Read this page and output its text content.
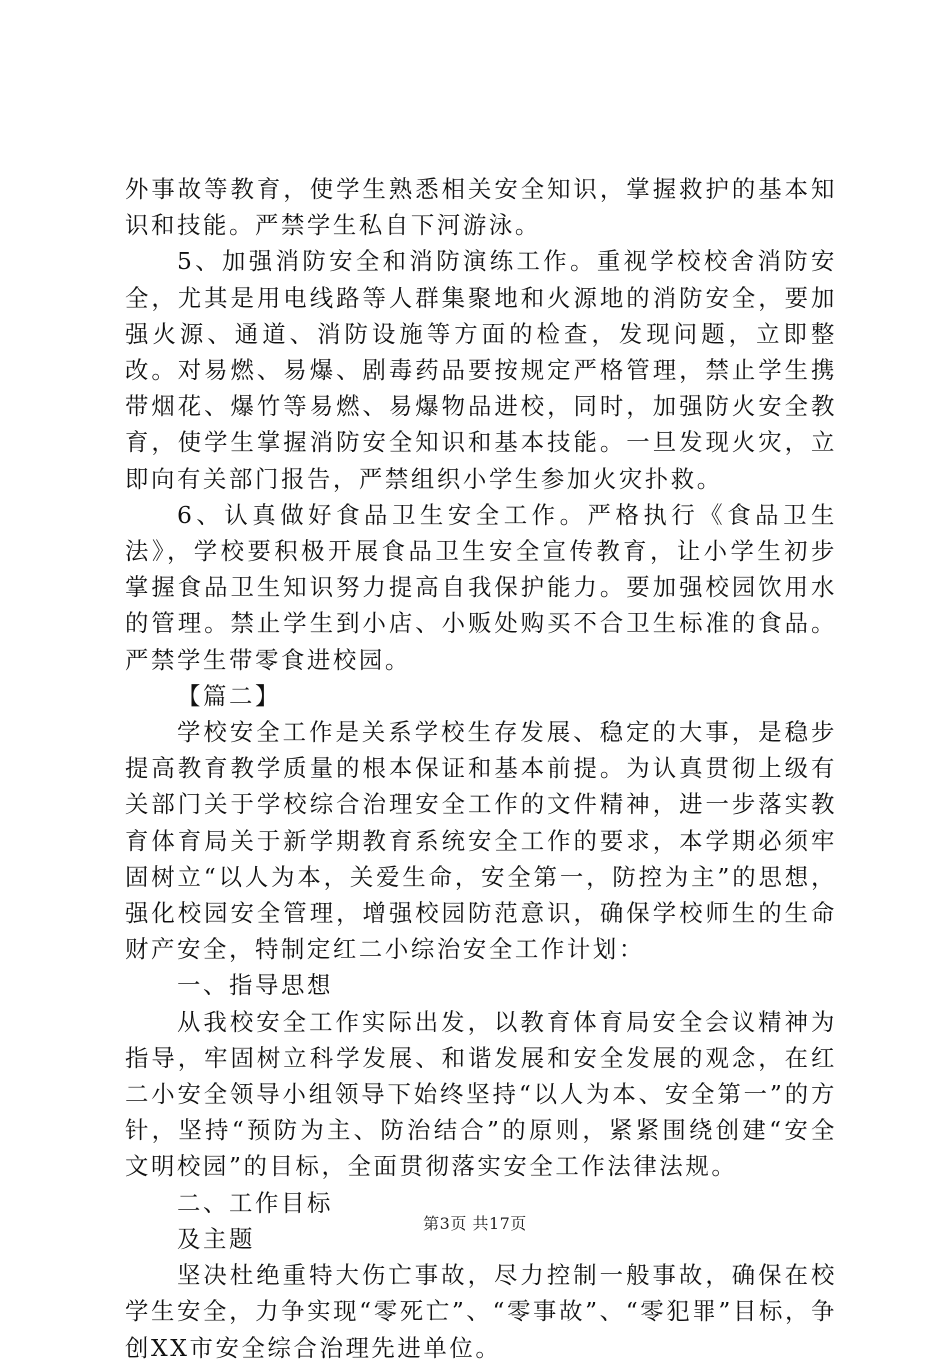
外事故等教育，使学生熟悉相关安全知识，掌握救护的基本知识和技能。严禁学生私自下河游泳。

5、加强消防安全和消防演练工作。重视学校校舍消防安全，尤其是用电线路等人群集聚地和火源地的消防安全，要加强火源、通道、消防设施等方面的检查，发现问题，立即整改。对易燃、易爆、剧毒药品要按规定严格管理，禁止学生携带烟花、爆竹等易燃、易爆物品进校，同时，加强防火安全教育，使学生掌握消防安全知识和基本技能。一旦发现火灾，立即向有关部门报告，严禁组织小学生参加火灾扑救。

6、认真做好食品卫生安全工作。严格执行《食品卫生法》，学校要积极开展食品卫生安全宣传教育，让小学生初步掌握食品卫生知识努力提高自我保护能力。要加强校园饮用水的管理。禁止学生到小店、小贩处购买不合卫生标准的食品。严禁学生带零食进校园。

【篇二】

学校安全工作是关系学校生存发展、稳定的大事，是稳步提高教育教学质量的根本保证和基本前提。为认真贯彻上级有关部门关于学校综合治理安全工作的文件精神，进一步落实教育体育局关于新学期教育系统安全工作的要求，本学期必须牢固树立“以人为本，关爱生命，安全第一，防控为主”的思想，强化校园安全管理，增强校园防范意识，确保学校师生的生命财产安全，特制定红二小综治安全工作计划：

一、指导思想

从我校安全工作实际出发，以教育体育局安全会议精神为指导，牢固树立科学发展、和谐发展和安全发展的观念，在红二小安全领导小组领导下始终坚持“以人为本、安全第一”的方针，坚持“预防为主、防治结合”的原则，紧紧围绕创建“安全文明校园”的目标，全面贯彻落实安全工作法律法规。

二、工作目标

及主题

坚决杜绝重特大伤亡事故，尽力控制一般事故，确保在校学生安全，力争实现“零死亡”、“零事故”、“零犯罪”目标，争创XX市安全综合治理先进单位。

第3页 共17页
